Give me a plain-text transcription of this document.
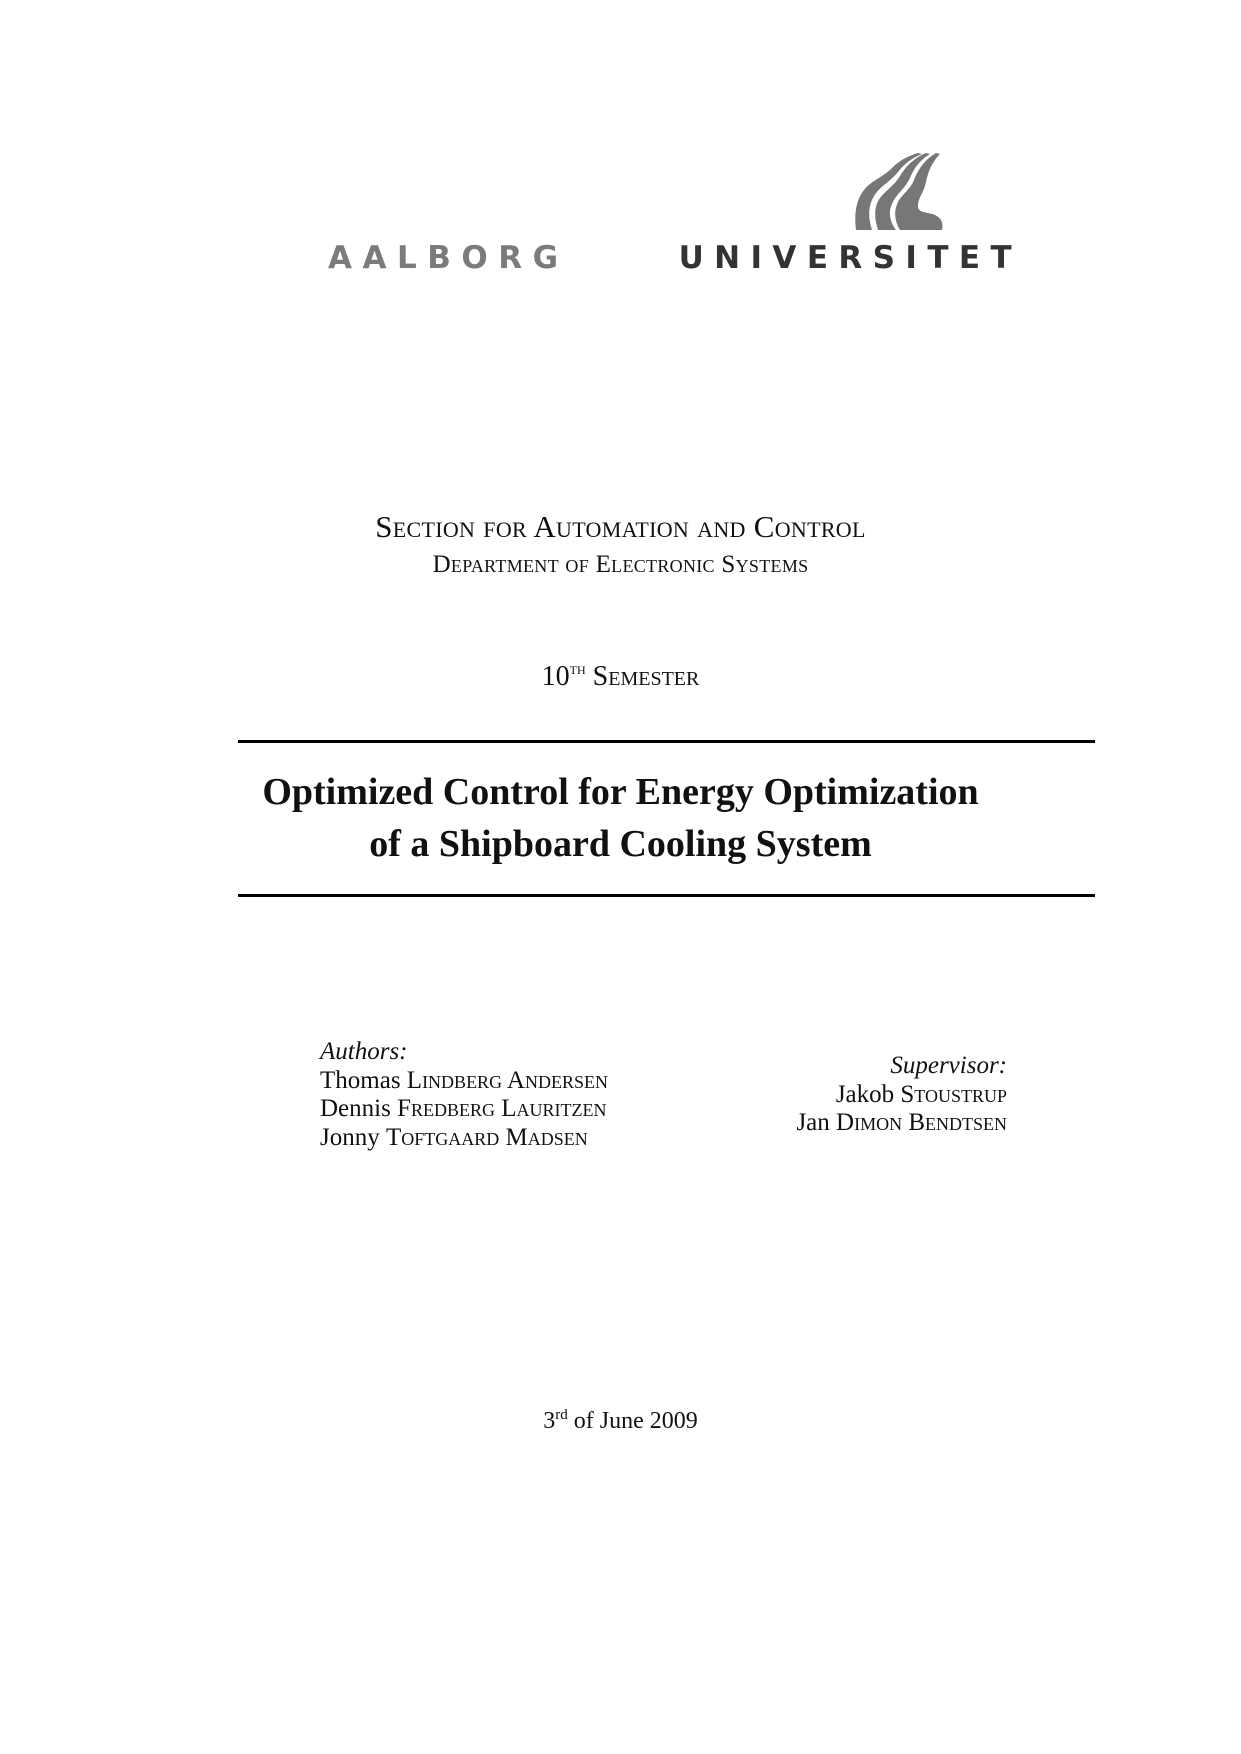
AALBORG	UNIVERSITET
Section for Automation and Control
Department of Electronic Systems
10th Semester
Optimized Control for Energy Optimization
of a Shipboard Cooling System
Authors:
Thomas Lindberg Andersen
Dennis Fredberg Lauritzen
Jonny Toftgaard Madsen
Supervisor:
Jakob Stoustrup
Jan Dimon Bendtsen
3rd of June 2009
